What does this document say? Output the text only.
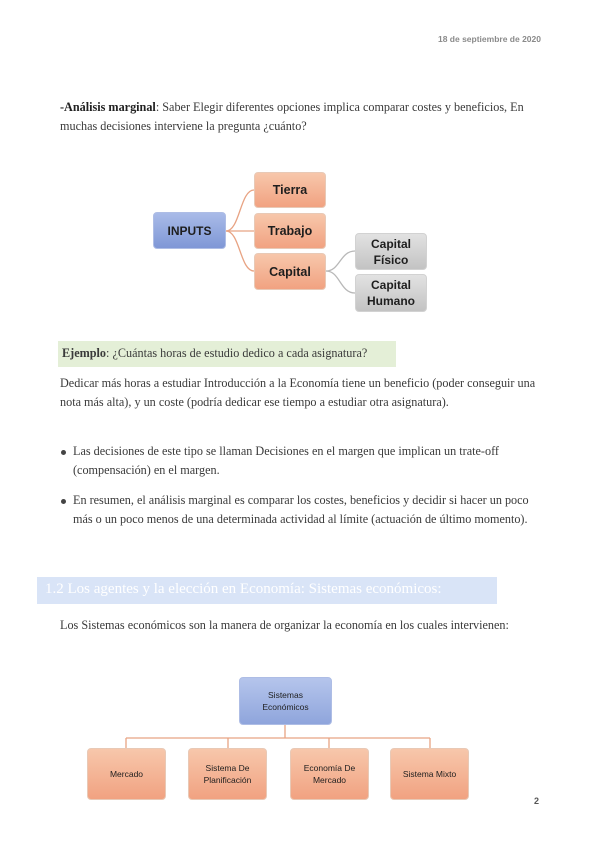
18 de septiembre de 2020
-Análisis marginal: Saber Elegir diferentes opciones implica comparar costes y beneficios, En muchas decisiones interviene la pregunta ¿cuánto?
INPUTS
Tierra
Trabajo
Capital
Capital
Físico
Capital
Humano
Ejemplo: ¿Cuántas horas de estudio dedico a cada asignatura?
Dedicar más horas a estudiar Introducción a la Economía tiene un beneficio (poder conseguir una nota más alta), y un coste (podría dedicar ese tiempo a estudiar otra asignatura).
Las decisiones de este tipo se llaman Decisiones en el margen que implican un trate-off (compensación) en el margen.
En resumen, el análisis marginal es comparar los costes, beneficios y decidir si hacer un poco más o un poco menos de una determinada actividad al límite (actuación de último momento).
1.2 Los agentes y la elección en Economía: Sistemas económicos:
Los Sistemas económicos son la manera de organizar la economía en los cuales intervienen:
Sistemas
Económicos
Mercado
Sistema De
Planificación
Economía De
Mercado
Sistema Mixto
2
